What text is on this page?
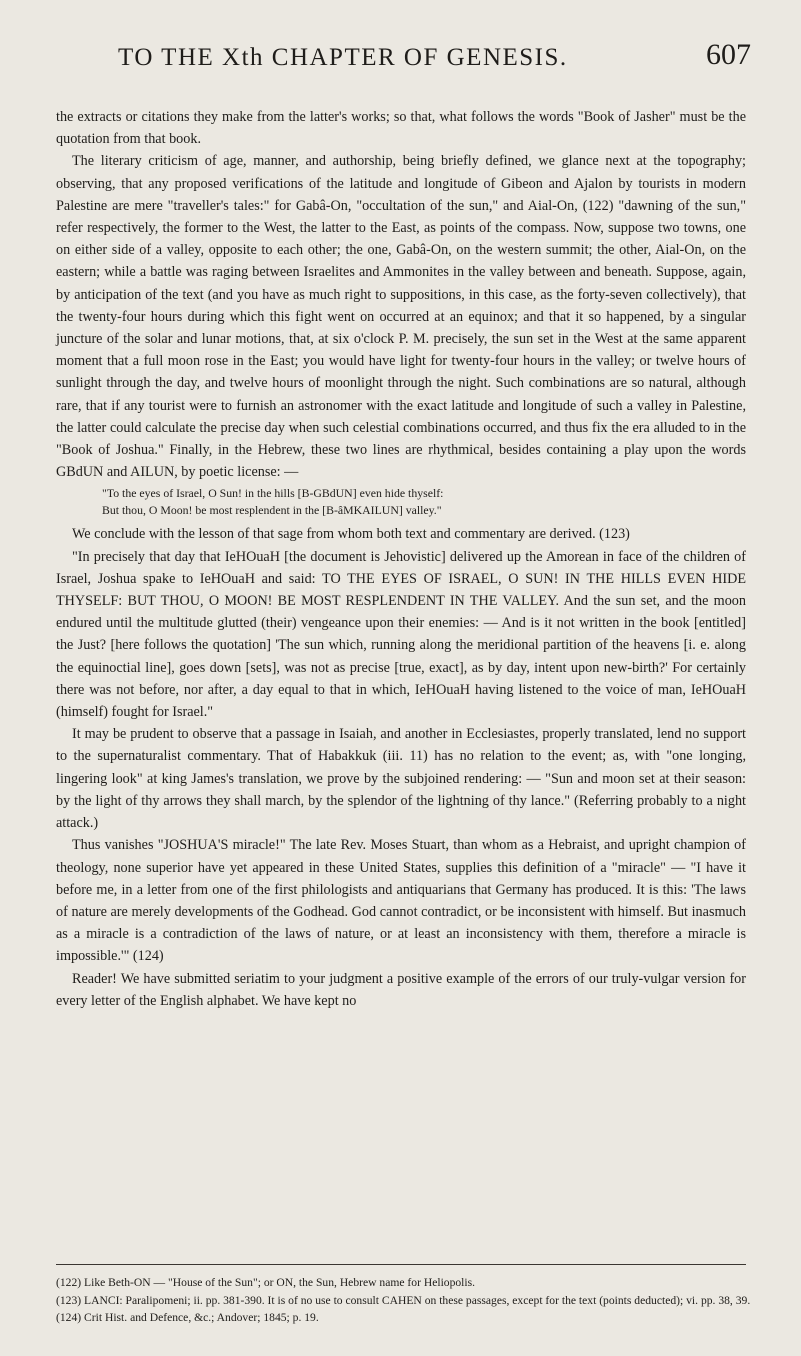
TO THE Xth CHAPTER OF GENESIS.	607

the extracts or citations they make from the latter's works; so that, what follows the words "Book of Jasher" must be the quotation from that book.

The literary criticism of age, manner, and authorship, being briefly defined, we glance next at the topography; observing, that any proposed verifications of the latitude and longitude of Gibeon and Ajalon by tourists in modern Palestine are mere "traveller's tales:" for Gabâ-On, "occultation of the sun," and Aial-On, (122) "dawning of the sun," refer respectively, the former to the West, the latter to the East, as points of the compass. Now, suppose two towns, one on either side of a valley, opposite to each other; the one, Gabâ-On, on the western summit; the other, Aial-On, on the eastern; while a battle was raging between Israelites and Ammonites in the valley between and beneath. Suppose, again, by anticipation of the text (and you have as much right to suppositions, in this case, as the forty-seven collectively), that the twenty-four hours during which this fight went on occurred at an equinox; and that it so happened, by a singular juncture of the solar and lunar motions, that, at six o'clock P. M. precisely, the sun set in the West at the same apparent moment that a full moon rose in the East; you would have light for twenty-four hours in the valley; or twelve hours of sunlight through the day, and twelve hours of moonlight through the night. Such combinations are so natural, although rare, that if any tourist were to furnish an astronomer with the exact latitude and longitude of such a valley in Palestine, the latter could calculate the precise day when such celestial combinations occurred, and thus fix the era alluded to in the "Book of Joshua." Finally, in the Hebrew, these two lines are rhythmical, besides containing a play upon the words GBdUN and AILUN, by poetic license: —

"To the eyes of Israel, O Sun! in the hills [B-GBdUN] even hide thyself:
But thou, O Moon! be most resplendent in the [B-âMKAILUN] valley."

We conclude with the lesson of that sage from whom both text and commentary are derived. (123)

"In precisely that day that IeHOuaH [the document is Jehovistic] delivered up the Amorean in face of the children of Israel, Joshua spake to IeHOuaH and said: TO THE EYES OF ISRAEL, O SUN! IN THE HILLS EVEN HIDE THYSELF: BUT THOU, O MOON! BE MOST RESPLENDENT IN THE VALLEY. And the sun set, and the moon endured until the multitude glutted (their) vengeance upon their enemies: — And is it not written in the book [entitled] the Just? [here follows the quotation] 'The sun which, running along the meridional partition of the heavens [i. e. along the equinoctial line], goes down [sets], was not as precise [true, exact], as by day, intent upon new-birth?' For certainly there was not before, nor after, a day equal to that in which, IeHOuaH having listened to the voice of man, IeHOuaH (himself) fought for Israel."

It may be prudent to observe that a passage in Isaiah, and another in Ecclesiastes, properly translated, lend no support to the supernaturalist commentary. That of Habakkuk (iii. 11) has no relation to the event; as, with "one longing, lingering look" at king James's translation, we prove by the subjoined rendering: — "Sun and moon set at their season: by the light of thy arrows they shall march, by the splendor of the lightning of thy lance." (Referring probably to a night attack.)

Thus vanishes "JOSHUA'S miracle!" The late Rev. Moses Stuart, than whom as a Hebraist, and upright champion of theology, none superior have yet appeared in these United States, supplies this definition of a "miracle" — "I have it before me, in a letter from one of the first philologists and antiquarians that Germany has produced. It is this: 'The laws of nature are merely developments of the Godhead. God cannot contradict, or be inconsistent with himself. But inasmuch as a miracle is a contradiction of the laws of nature, or at least an inconsistency with them, therefore a miracle is impossible.'" (124)

Reader! We have submitted seriatim to your judgment a positive example of the errors of our truly-vulgar version for every letter of the English alphabet. We have kept no

(122) Like Beth-ON — "House of the Sun"; or ON, the Sun, Hebrew name for Heliopolis.
(123) LANCI: Paralipomeni; ii. pp. 381-390. It is of no use to consult CAHEN on these passages, except for the text (points deducted); vi. pp. 38, 39.
(124) Crit Hist. and Defence, &c.; Andover; 1845; p. 19.
